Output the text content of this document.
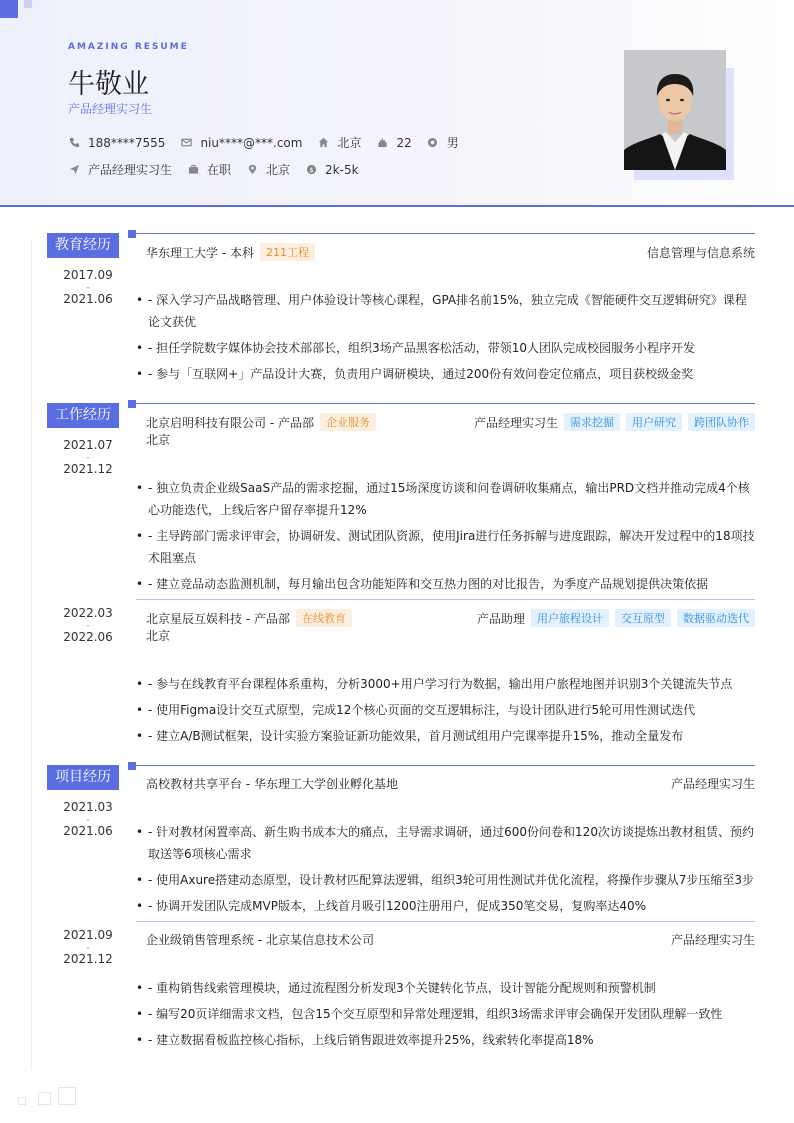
AMAZING RESUME
牛敬业
产品经理实习生
188****7555	niu****@***.com	北京	22	男
产品经理实习生	在职	北京	$ 2k-5k
教育经历
2017.09
-
2021.06
华东理工大学 - 本科	211工程	信息管理与信息系统
• - 深入学习产品战略管理、用户体验设计等核心课程，GPA排名前15%，独立完成《智能硬件交互逻辑研究》课程论文获优
• - 担任学院数字媒体协会技术部部长，组织3场产品黑客松活动，带领10人团队完成校园服务小程序开发
• - 参与「互联网+」产品设计大赛，负责用户调研模块，通过200份有效问卷定位痛点，项目获校级金奖
工作经历
2021.07
-
2021.12
北京启明科技有限公司 - 产品部	企业服务	产品经理实习生	需求挖掘	用户研究	跨团队协作
北京
• - 独立负责企业级SaaS产品的需求挖掘，通过15场深度访谈和问卷调研收集痛点，输出PRD文档并推动完成4个核心功能迭代，上线后客户留存率提升12%
• - 主导跨部门需求评审会，协调研发、测试团队资源，使用Jira进行任务拆解与进度跟踪，解决开发过程中的18项技术阻塞点
• - 建立竞品动态监测机制，每月输出包含功能矩阵和交互热力图的对比报告，为季度产品规划提供决策依据
2022.03
-
2022.06
北京星辰互娱科技 - 产品部	在线教育	产品助理	用户旅程设计	交互原型	数据驱动迭代
北京
• - 参与在线教育平台课程体系重构，分析3000+用户学习行为数据，输出用户旅程地图并识别3个关键流失节点
• - 使用Figma设计交互式原型，完成12个核心页面的交互逻辑标注，与设计团队进行5轮可用性测试迭代
• - 建立A/B测试框架，设计实验方案验证新功能效果，首月测试组用户完课率提升15%，推动全量发布
项目经历
2021.03
-
2021.06
高校教材共享平台 - 华东理工大学创业孵化基地	产品经理实习生
• - 针对教材闲置率高、新生购书成本大的痛点，主导需求调研，通过600份问卷和120次访谈提炼出教材租赁、预约取送等6项核心需求
• - 使用Axure搭建动态原型，设计教材匹配算法逻辑，组织3轮可用性测试并优化流程，将操作步骤从7步压缩至3步
• - 协调开发团队完成MVP版本，上线首月吸引1200注册用户，促成350笔交易，复购率达40%
2021.09
-
2021.12
企业级销售管理系统 - 北京某信息技术公司	产品经理实习生
• - 重构销售线索管理模块，通过流程图分析发现3个关键转化节点，设计智能分配规则和预警机制
• - 编写20页详细需求文档，包含15个交互原型和异常处理逻辑，组织3场需求评审会确保开发团队理解一致性
• - 建立数据看板监控核心指标，上线后销售跟进效率提升25%，线索转化率提高18%
